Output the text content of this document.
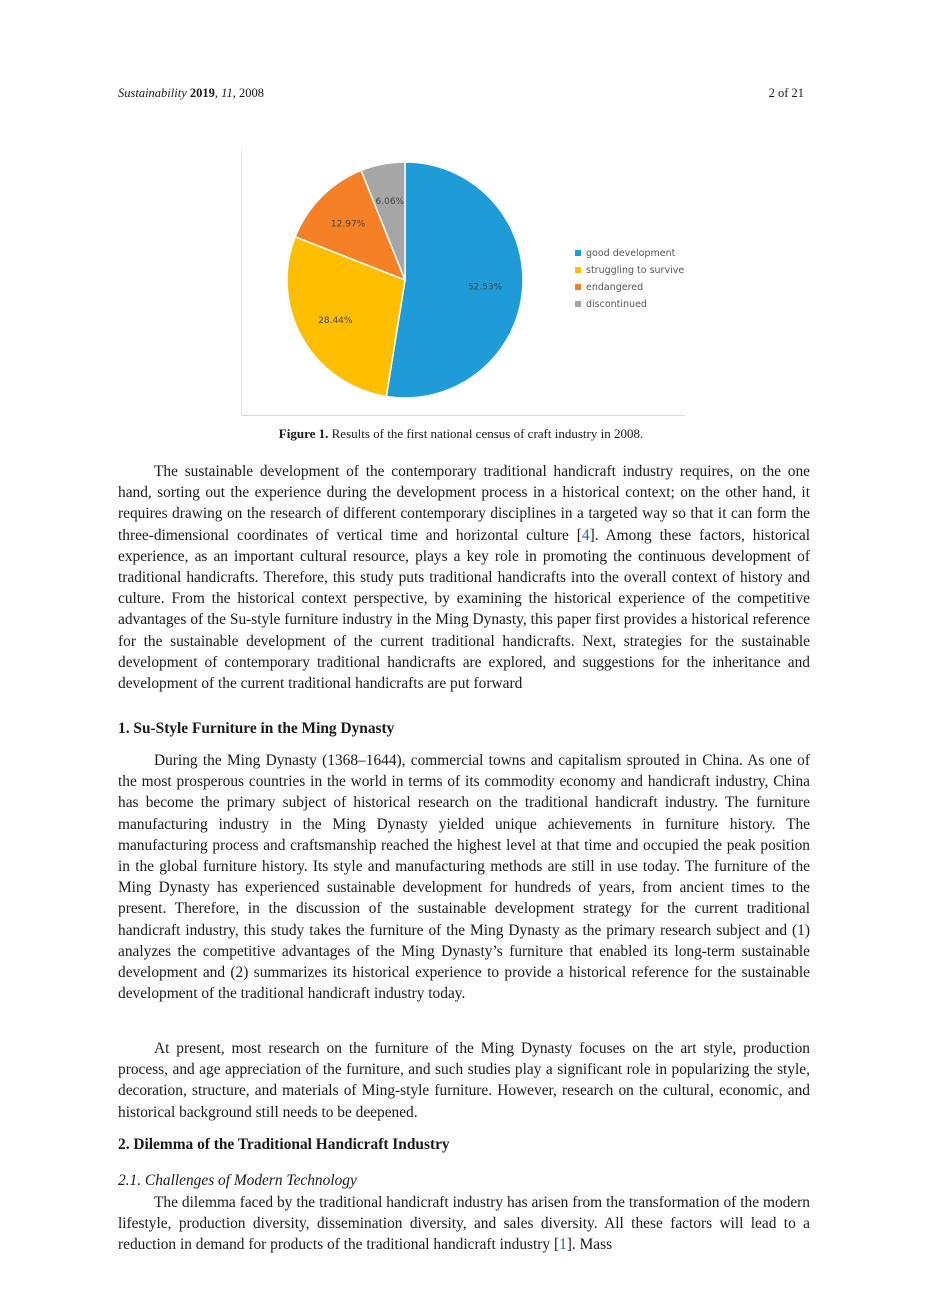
Sustainability 2019, 11, 2008	2 of 21
52.53%
28.44%
12.97%
6.06%
good development
struggling to survive
endangered
discontinued
Figure 1. Results of the first national census of craft industry in 2008.

The sustainable development of the contemporary traditional handicraft industry requires, on the one hand, sorting out the experience during the development process in a historical context; on the other hand, it requires drawing on the research of different contemporary disciplines in a targeted way so that it can form the three-dimensional coordinates of vertical time and horizontal culture [4]. Among these factors, historical experience, as an important cultural resource, plays a key role in promoting the continuous development of traditional handicrafts. Therefore, this study puts traditional handicrafts into the overall context of history and culture. From the historical context perspective, by examining the historical experience of the competitive advantages of the Su-style furniture industry in the Ming Dynasty, this paper first provides a historical reference for the sustainable development of the current traditional handicrafts. Next, strategies for the sustainable development of contemporary traditional handicrafts are explored, and suggestions for the inheritance and development of the current traditional handicrafts are put forward

1. Su-Style Furniture in the Ming Dynasty

During the Ming Dynasty (1368–1644), commercial towns and capitalism sprouted in China. As one of the most prosperous countries in the world in terms of its commodity economy and handicraft industry, China has become the primary subject of historical research on the traditional handicraft industry. The furniture manufacturing industry in the Ming Dynasty yielded unique achievements in furniture history. The manufacturing process and craftsmanship reached the highest level at that time and occupied the peak position in the global furniture history. Its style and manufacturing methods are still in use today. The furniture of the Ming Dynasty has experienced sustainable development for hundreds of years, from ancient times to the present. Therefore, in the discussion of the sustainable development strategy for the current traditional handicraft industry, this study takes the furniture of the Ming Dynasty as the primary research subject and (1) analyzes the competitive advantages of the Ming Dynasty’s furniture that enabled its long-term sustainable development and (2) summarizes its historical experience to provide a historical reference for the sustainable development of the traditional handicraft industry today.

At present, most research on the furniture of the Ming Dynasty focuses on the art style, production process, and age appreciation of the furniture, and such studies play a significant role in popularizing the style, decoration, structure, and materials of Ming-style furniture. However, research on the cultural, economic, and historical background still needs to be deepened.

2. Dilemma of the Traditional Handicraft Industry
2.1. Challenges of Modern Technology

The dilemma faced by the traditional handicraft industry has arisen from the transformation of the modern lifestyle, production diversity, dissemination diversity, and sales diversity. All these factors will lead to a reduction in demand for products of the traditional handicraft industry [1]. Mass
